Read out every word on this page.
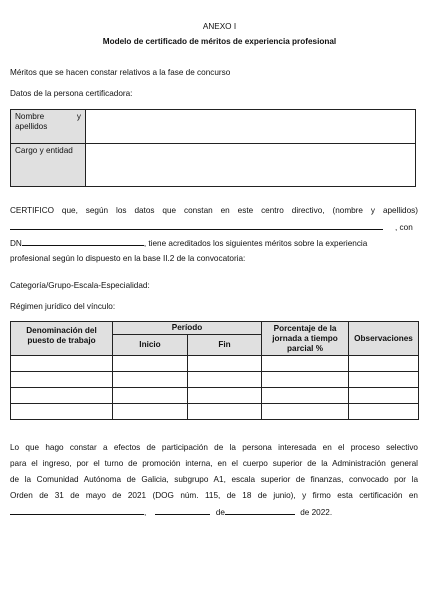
ANEXO I
Modelo de certificado de méritos de experiencia profesional
Méritos que se hacen constar relativos a la fase de concurso
Datos de la persona certificadora:
Nombre y
apellidos	

Cargo y entidad	
CERTIFICO que, según los datos que constan en este centro directivo, (nombre y apellidos)
, con
DN	, tiene acreditados los siguientes méritos sobre la experiencia
profesional según lo dispuesto en la base II.2 de la convocatoria:
Categoría/Grupo-Escala-Especialidad:
Régimen jurídico del vínculo:
Denominación del puesto de trabajo	Período		Porcentaje de la jornada a tiempo parcial %	Observaciones
	Inicio	Fin		

Lo que hago constar a efectos de participación de la persona interesada en el proceso selectivo
para el ingreso, por el turno de promoción interna, en el cuerpo superior de la Administración general
de la Comunidad Autónoma de Galicia, subgrupo A1, escala superior de finanzas, convocado por la
Orden de 31 de mayo de 2021 (DOG núm. 115, de 18 de junio), y firmo esta certificación en
,	de	de 2022.
